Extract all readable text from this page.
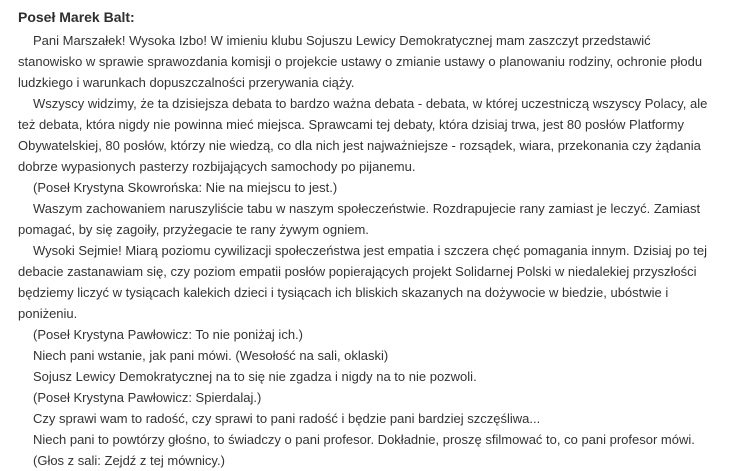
Poseł Marek Balt:

Pani Marszałek! Wysoka Izbo! W imieniu klubu Sojuszu Lewicy Demokratycznej mam zaszczyt przedstawić stanowisko w sprawie sprawozdania komisji o projekcie ustawy o zmianie ustawy o planowaniu rodziny, ochronie płodu ludzkiego i warunkach dopuszczalności przerywania ciąży.

Wszyscy widzimy, że ta dzisiejsza debata to bardzo ważna debata - debata, w której uczestniczą wszyscy Polacy, ale też debata, która nigdy nie powinna mieć miejsca. Sprawcami tej debaty, która dzisiaj trwa, jest 80 posłów Platformy Obywatelskiej, 80 posłów, którzy nie wiedzą, co dla nich jest najważniejsze - rozsądek, wiara, przekonania czy żądania dobrze wypasionych pasterzy rozbijających samochody po pijanemu.

(Poseł Krystyna Skowrońska: Nie na miejscu to jest.)

Waszym zachowaniem naruszyliście tabu w naszym społeczeństwie. Rozdrapujecie rany zamiast je leczyć. Zamiast pomagać, by się zagoiły, przyżegacie te rany żywym ogniem.

Wysoki Sejmie! Miarą poziomu cywilizacji społeczeństwa jest empatia i szczera chęć pomagania innym. Dzisiaj po tej debacie zastanawiam się, czy poziom empatii posłów popierających projekt Solidarnej Polski w niedalekiej przyszłości będziemy liczyć w tysiącach kalekich dzieci i tysiącach ich bliskich skazanych na dożywocie w biedzie, ubóstwie i poniżeniu.

(Poseł Krystyna Pawłowicz: To nie poniżaj ich.)

Niech pani wstanie, jak pani mówi. (Wesołość na sali, oklaski)

Sojusz Lewicy Demokratycznej na to się nie zgadza i nigdy na to nie pozwoli.

(Poseł Krystyna Pawłowicz: Spierdalaj.)

Czy sprawi wam to radość, czy sprawi to pani radość i będzie pani bardziej szczęśliwa...

Niech pani to powtórzy głośno, to świadczy o pani profesor. Dokładnie, proszę sfilmować to, co pani profesor mówi.

(Głos z sali: Zejdź z tej mównicy.)
